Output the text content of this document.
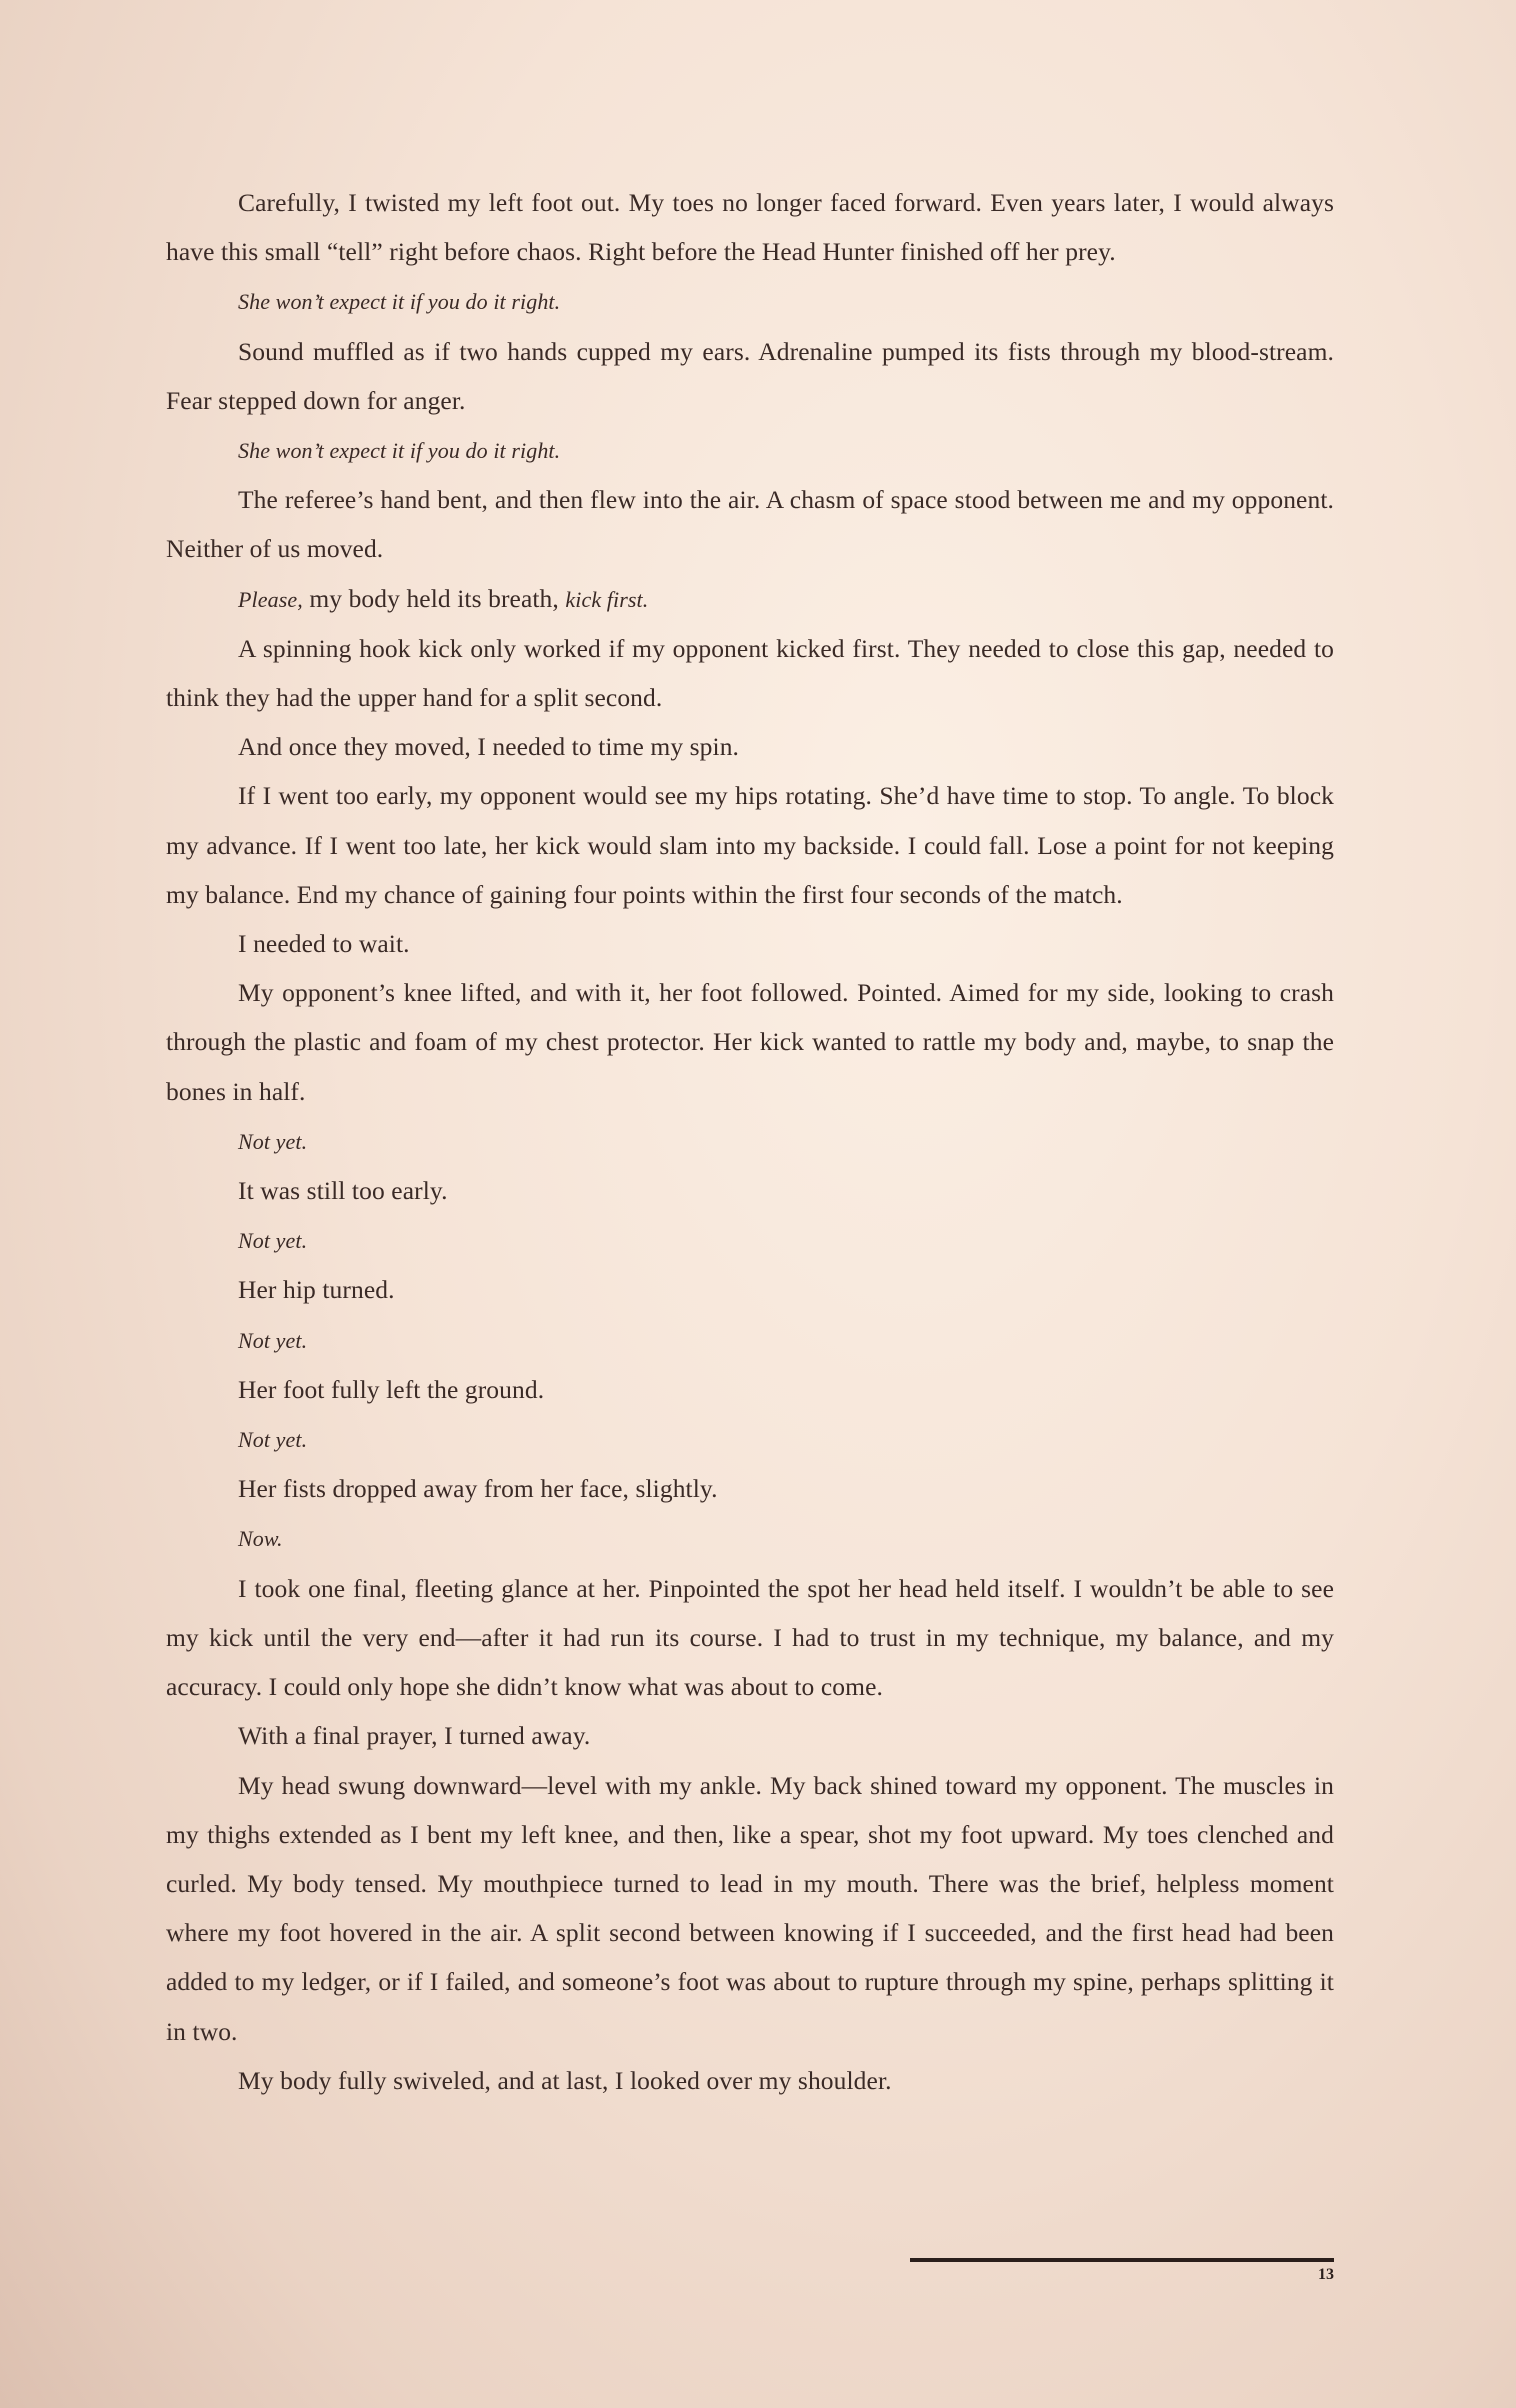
Carefully, I twisted my left foot out. My toes no longer faced forward. Even years later, I would always have this small “tell” right before chaos. Right before the Head Hunter finished off her prey.

She won’t expect it if you do it right.

Sound muffled as if two hands cupped my ears. Adrenaline pumped its fists through my blood-stream. Fear stepped down for anger.

She won’t expect it if you do it right.

The referee’s hand bent, and then flew into the air. A chasm of space stood between me and my opponent. Neither of us moved.

Please, my body held its breath, kick first.

A spinning hook kick only worked if my opponent kicked first. They needed to close this gap, needed to think they had the upper hand for a split second.

And once they moved, I needed to time my spin.

If I went too early, my opponent would see my hips rotating. She’d have time to stop. To angle. To block my advance. If I went too late, her kick would slam into my backside. I could fall. Lose a point for not keeping my balance. End my chance of gaining four points within the first four seconds of the match.

I needed to wait.

My opponent’s knee lifted, and with it, her foot followed. Pointed. Aimed for my side, looking to crash through the plastic and foam of my chest protector. Her kick wanted to rattle my body and, maybe, to snap the bones in half.

Not yet.

It was still too early.

Not yet.

Her hip turned.

Not yet.

Her foot fully left the ground.

Not yet.

Her fists dropped away from her face, slightly.

Now.

I took one final, fleeting glance at her. Pinpointed the spot her head held itself. I wouldn’t be able to see my kick until the very end—after it had run its course. I had to trust in my technique, my balance, and my accuracy. I could only hope she didn’t know what was about to come.

With a final prayer, I turned away.

My head swung downward—level with my ankle. My back shined toward my opponent. The muscles in my thighs extended as I bent my left knee, and then, like a spear, shot my foot upward. My toes clenched and curled. My body tensed. My mouthpiece turned to lead in my mouth. There was the brief, helpless moment where my foot hovered in the air. A split second between knowing if I succeeded, and the first head had been added to my ledger, or if I failed, and someone’s foot was about to rupture through my spine, perhaps splitting it in two.

My body fully swiveled, and at last, I looked over my shoulder.

13
